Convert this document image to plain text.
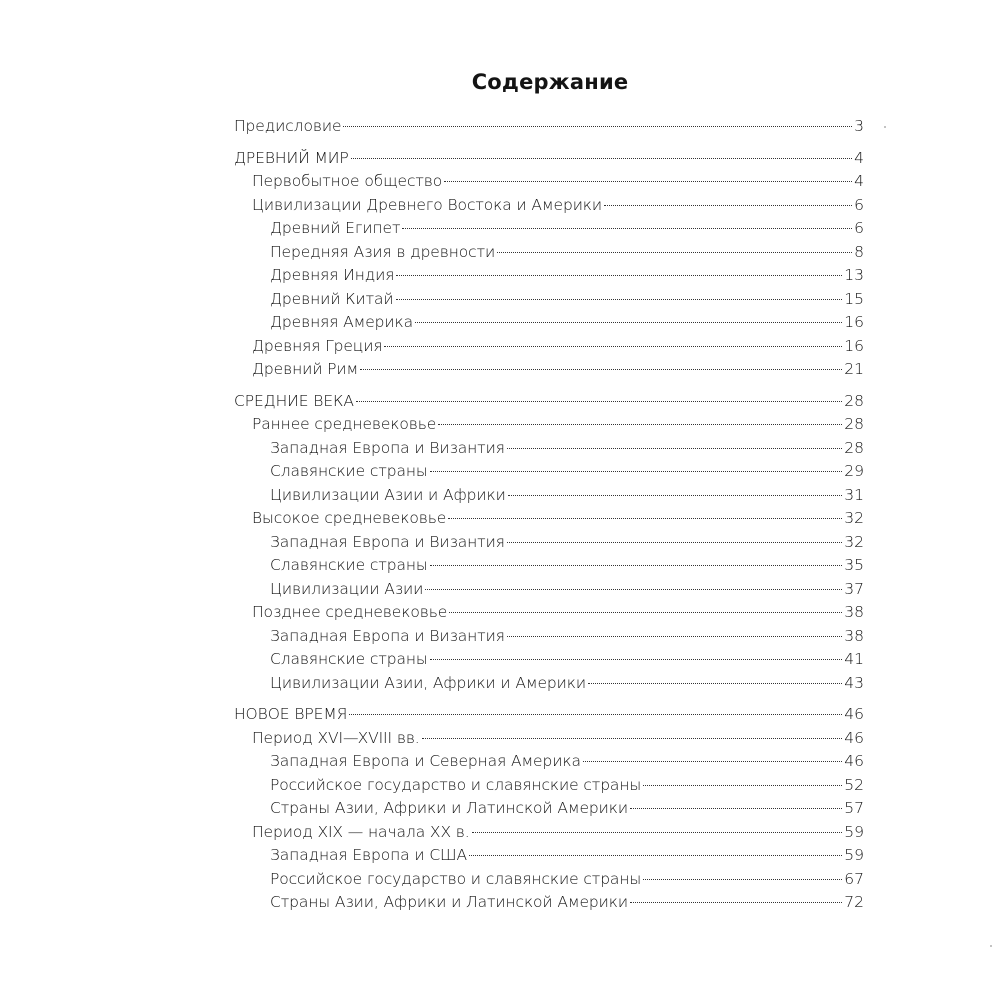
Содержание
Предисловие	3
ДРЕВНИЙ МИР	4
Первобытное общество	4
Цивилизации Древнего Востока и Америки	6
Древний Египет	6
Передняя Азия в древности	8
Древняя Индия	13
Древний Китай	15
Древняя Америка	16
Древняя Греция	16
Древний Рим	21
СРЕДНИЕ ВЕКА	28
Раннее средневековье	28
Западная Европа и Византия	28
Славянские страны	29
Цивилизации Азии и Африки	31
Высокое средневековье	32
Западная Европа и Византия	32
Славянские страны	35
Цивилизации Азии	37
Позднее средневековье	38
Западная Европа и Византия	38
Славянские страны	41
Цивилизации Азии, Африки и Америки	43
НОВОЕ ВРЕМЯ	46
Период XVI—XVIII вв.	46
Западная Европа и Северная Америка	46
Российское государство и славянские страны	52
Страны Азии, Африки и Латинской Америки	57
Период XIX — начала XX в.	59
Западная Европа и США	59
Российское государство и славянские страны	67
Страны Азии, Африки и Латинской Америки	72
